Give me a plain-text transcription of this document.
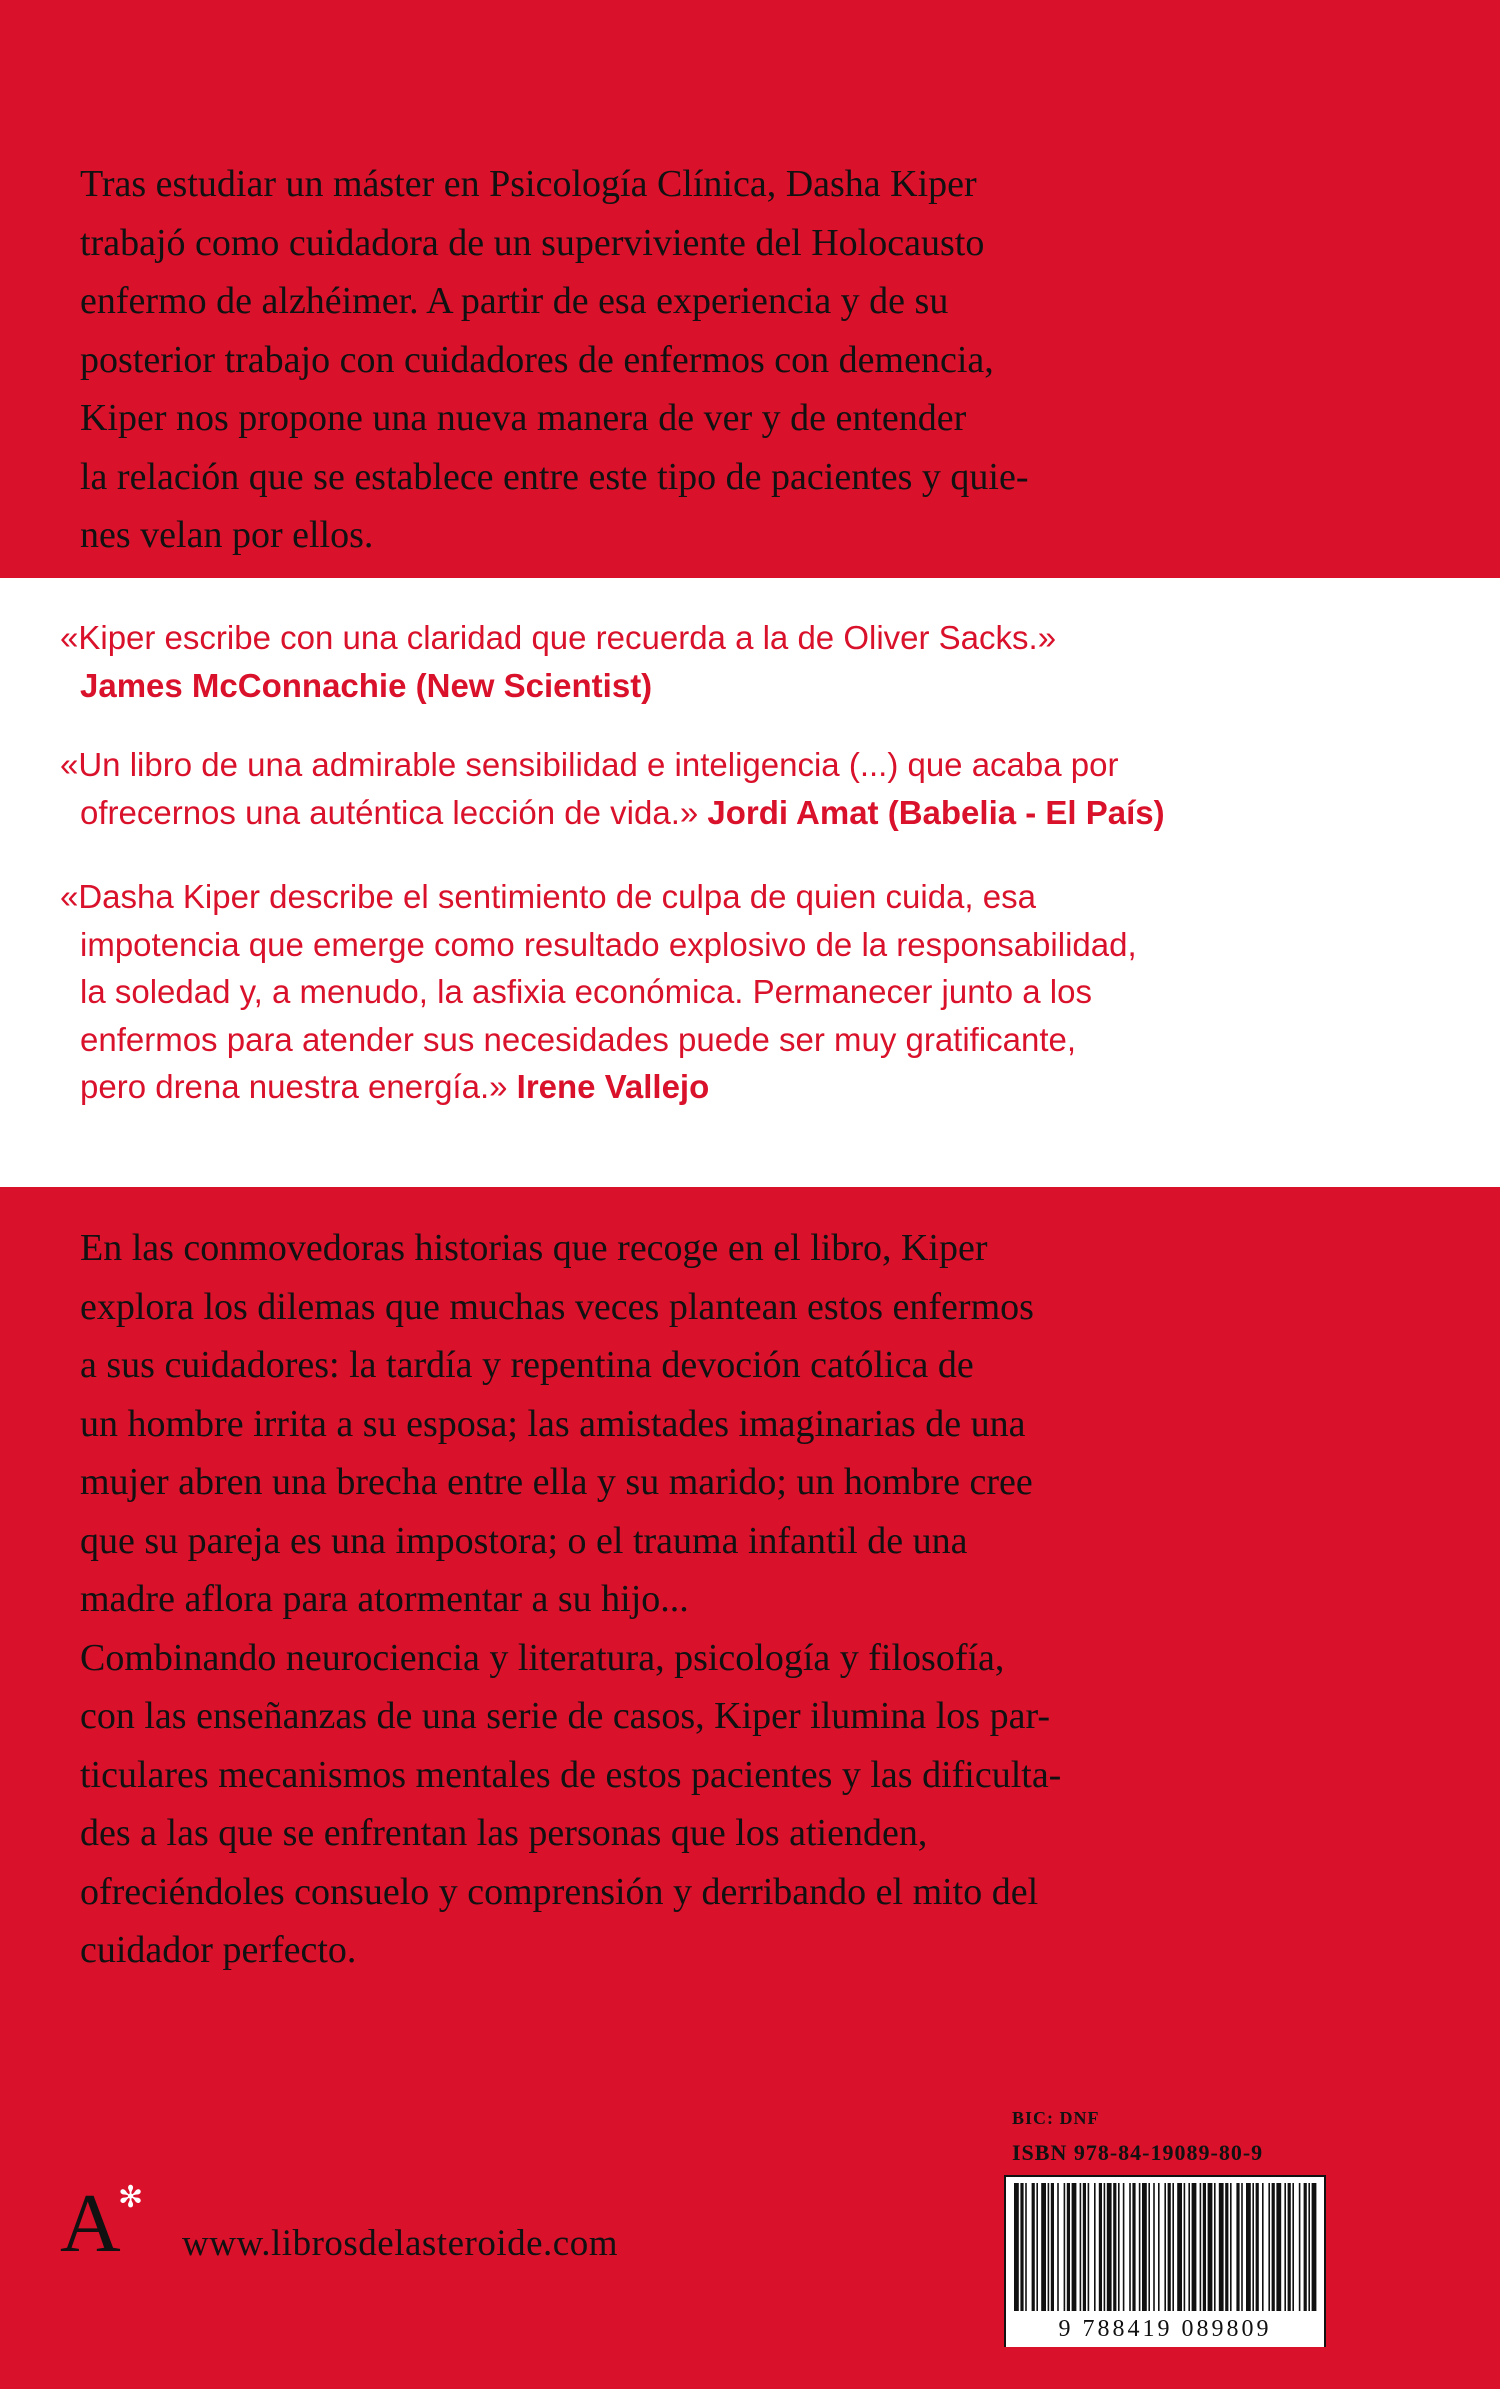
Tras estudiar un máster en Psicología Clínica, Dasha Kiper
trabajó como cuidadora de un superviviente del Holocausto
enfermo de alzhéimer. A partir de esa experiencia y de su
posterior trabajo con cuidadores de enfermos con demencia,
Kiper nos propone una nueva manera de ver y de entender
la relación que se establece entre este tipo de pacientes y quie-
nes velan por ellos.
«Kiper escribe con una claridad que recuerda a la de Oliver Sacks.»
James McConnachie (New Scientist)
«Un libro de una admirable sensibilidad e inteligencia (...) que acaba por
ofrecernos una auténtica lección de vida.» Jordi Amat (Babelia - El País)
«Dasha Kiper describe el sentimiento de culpa de quien cuida, esa
impotencia que emerge como resultado explosivo de la responsabilidad,
la soledad y, a menudo, la asfixia económica. Permanecer junto a los
enfermos para atender sus necesidades puede ser muy gratificante,
pero drena nuestra energía.» Irene Vallejo
En las conmovedoras historias que recoge en el libro, Kiper
explora los dilemas que muchas veces plantean estos enfermos
a sus cuidadores: la tardía y repentina devoción católica de
un hombre irrita a su esposa; las amistades imaginarias de una
mujer abren una brecha entre ella y su marido; un hombre cree
que su pareja es una impostora; o el trauma infantil de una
madre aflora para atormentar a su hijo...
Combinando neurociencia y literatura, psicología y filosofía,
con las enseñanzas de una serie de casos, Kiper ilumina los par-
ticulares mecanismos mentales de estos pacientes y las dificulta-
des a las que se enfrentan las personas que los atienden,
ofreciéndoles consuelo y comprensión y derribando el mito del
cuidador perfecto.
A
✻
www.librosdelasteroide.com
BIC: DNF
ISBN 978-84-19089-80-9
9 788419 089809
